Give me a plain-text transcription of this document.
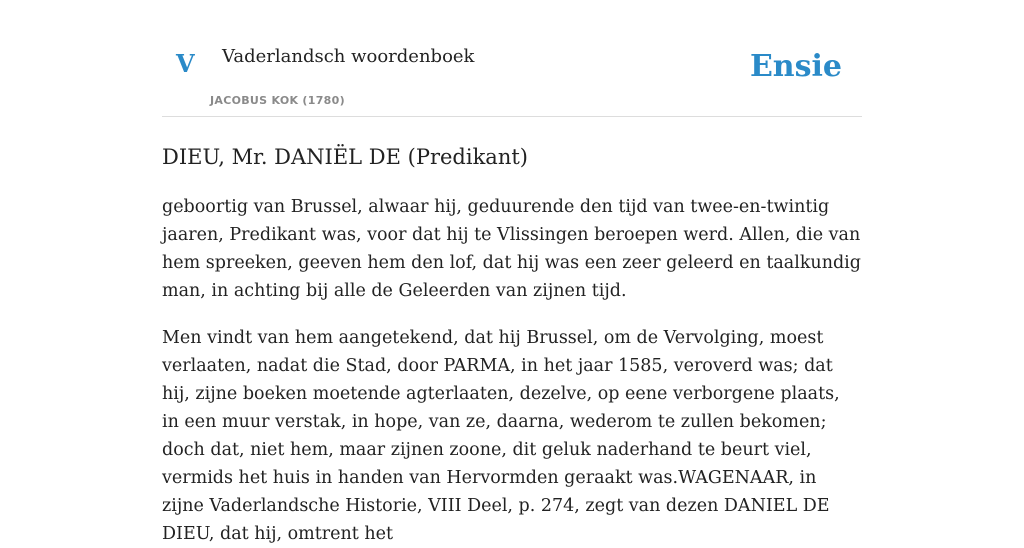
V Vaderlandsch woordenboek
JACOBUS KOK (1780)
Ensie
DIEU, Mr. DANIËL DE (Predikant)

geboortig van Brussel, alwaar hij, geduurende den tijd van twee-en-twintig jaaren, Predikant was, voor dat hij te Vlissingen beroepen werd. Allen, die van hem spreeken, geeven hem den lof, dat hij was een zeer geleerd en taalkundig man, in achting bij alle de Geleerden van zijnen tijd.

Men vindt van hem aangetekend, dat hij Brussel, om de Vervolging, moest verlaaten, nadat die Stad, door PARMA, in het jaar 1585, veroverd was; dat hij, zijne boeken moetende agterlaaten, dezelve, op eene verborgene plaats, in een muur verstak, in hope, van ze, daarna, wederom te zullen bekomen; doch dat, niet hem, maar zijnen zoone, dit geluk naderhand te beurt viel, vermids het huis in handen van Hervormden geraakt was.WAGENAAR, in zijne Vaderlandsche Historie, VIII Deel, p. 274, zegt van dezen DANIEL DE DIEU, dat hij, omtrent het
